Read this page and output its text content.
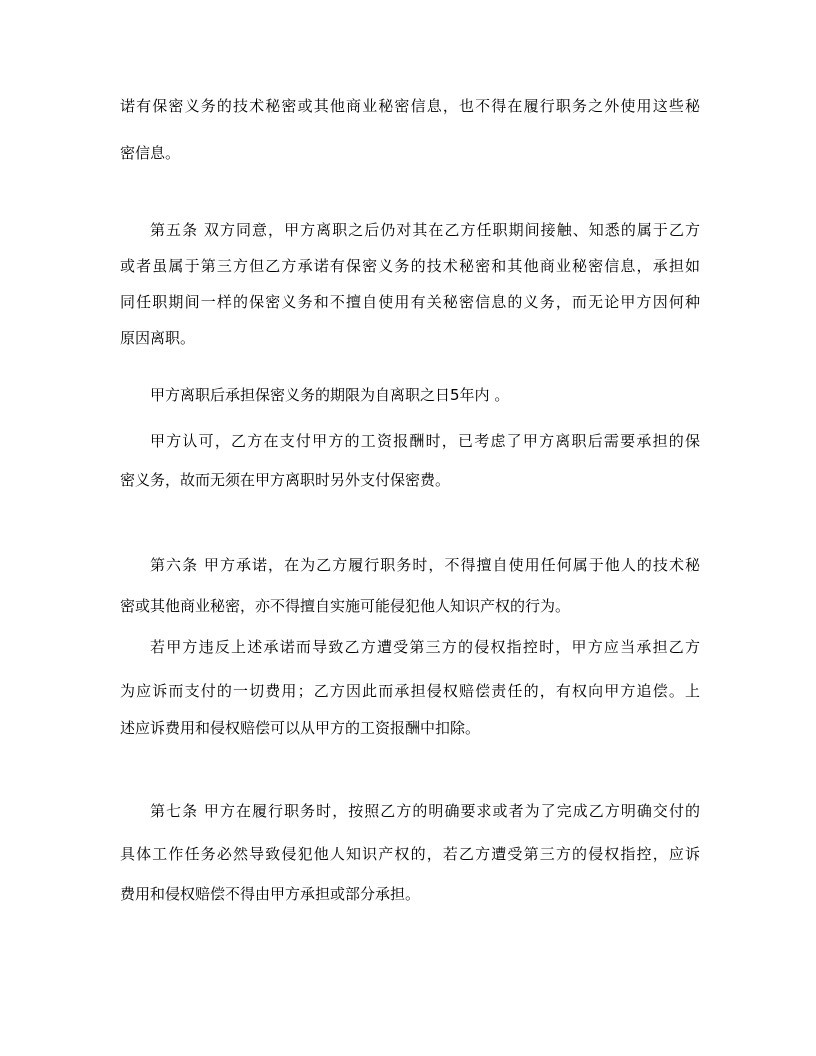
诺有保密义务的技术秘密或其他商业秘密信息，也不得在履行职务之外使用这些秘
密信息。
第五条 双方同意，甲方离职之后仍对其在乙方任职期间接触、知悉的属于乙方
或者虽属于第三方但乙方承诺有保密义务的技术秘密和其他商业秘密信息，承担如
同任职期间一样的保密义务和不擅自使用有关秘密信息的义务，而无论甲方因何种
原因离职。
甲方离职后承担保密义务的期限为自离职之日5年内 。
甲方认可，乙方在支付甲方的工资报酬时，已考虑了甲方离职后需要承担的保
密义务，故而无须在甲方离职时另外支付保密费。
第六条 甲方承诺，在为乙方履行职务时，不得擅自使用任何属于他人的技术秘
密或其他商业秘密，亦不得擅自实施可能侵犯他人知识产权的行为。
若甲方违反上述承诺而导致乙方遭受第三方的侵权指控时，甲方应当承担乙方
为应诉而支付的一切费用；乙方因此而承担侵权赔偿责任的，有权向甲方追偿。上
述应诉费用和侵权赔偿可以从甲方的工资报酬中扣除。
第七条 甲方在履行职务时，按照乙方的明确要求或者为了完成乙方明确交付的
具体工作任务必然导致侵犯他人知识产权的，若乙方遭受第三方的侵权指控，应诉
费用和侵权赔偿不得由甲方承担或部分承担。
